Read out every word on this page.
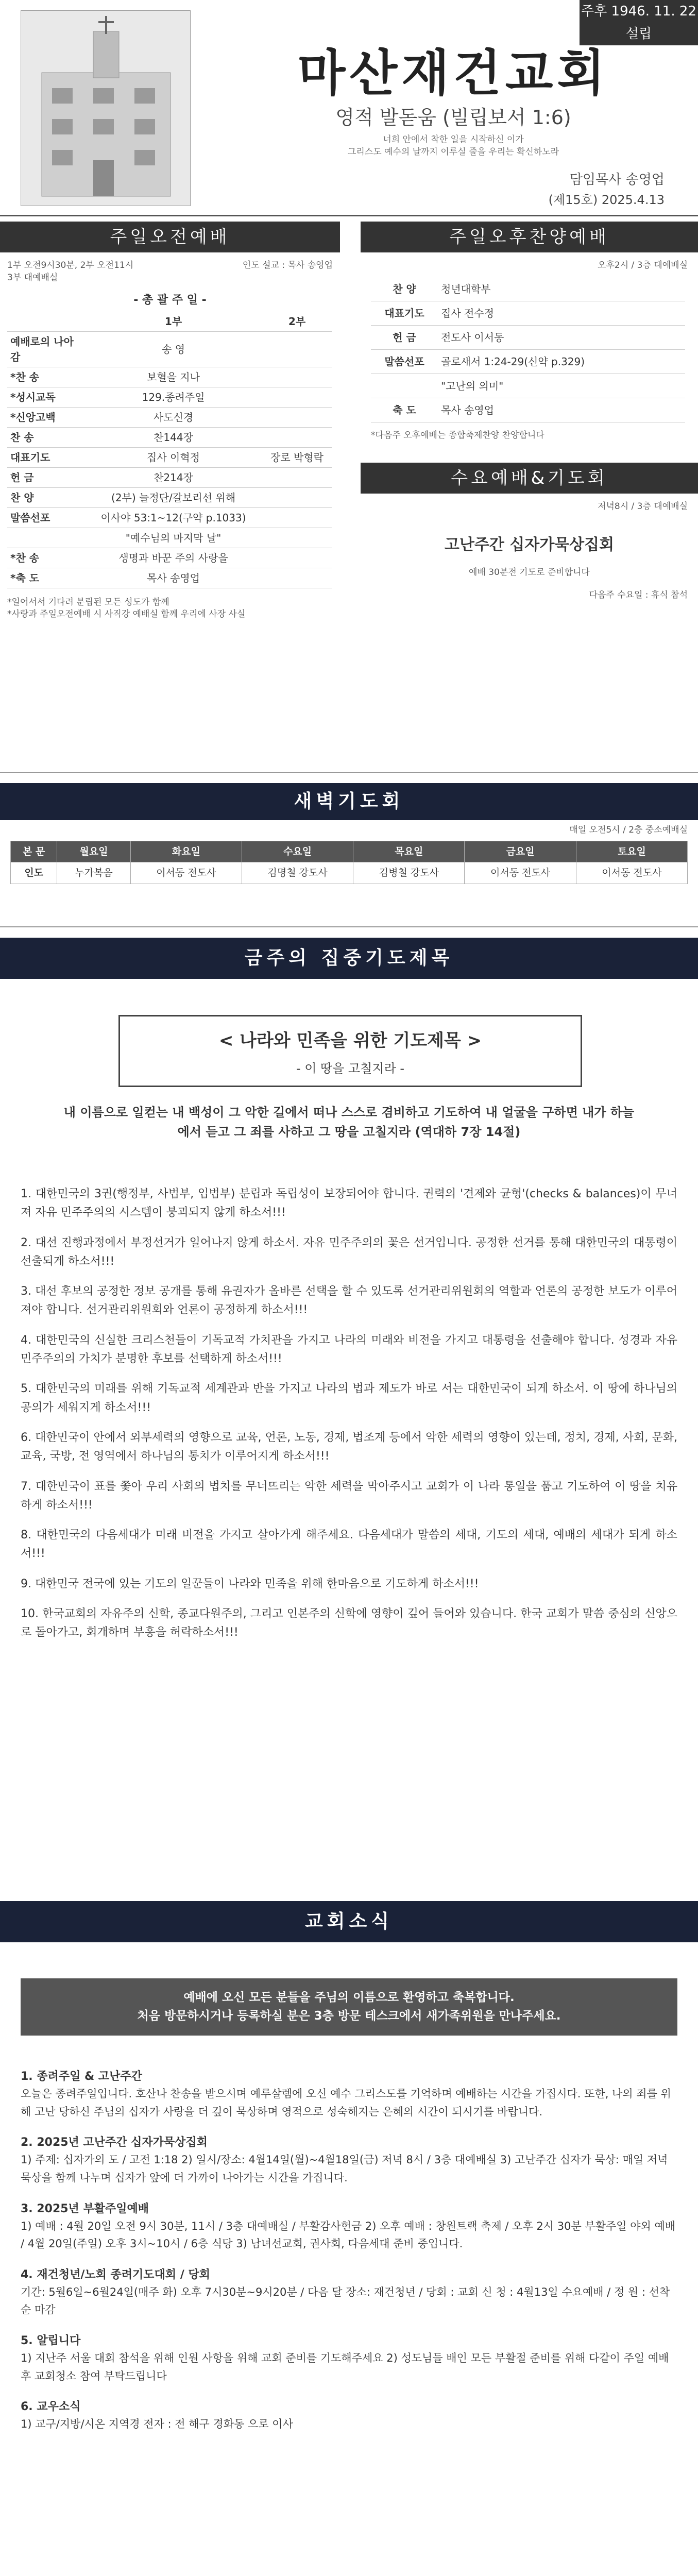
주후 1946. 11. 22 설립
마산재건교회
영적 발돋움 (빌립보서 1:6)
너희 안에서 착한 일을 시작하신 이가
그리스도 예수의 날까지 이루실 줄을 우리는 확신하노라
담임목사 송영업
(제15호) 2025.4.13
주일오전예배
1부 오전9시30분, 2부 오전11시	인도 설교 : 목사 송영업
3부 대예배실
- 총 괄 주 일 -
	1부	2부
예배로의 나아감	송 영	
*찬 송	보혈을 지나	
*성시교독	129.종려주일	
*신앙고백	사도신경	
찬 송	찬144장	
대표기도	집사 이혁정	장로 박형락
헌 금	찬214장	
찬 양	(2부) 늘정단/갈보리선 위해	
말씀선포	이사야 53:1~12(구약 p.1033)	
	"예수님의 마지막 날"	
*찬 송	생명과 바꾼 주의 사랑을	
*축 도	목사 송영업	
*일어서서 기다려 분립된 모든 성도가 함께
*사랑과 주일오전예배 시 사직강 예배실 함께 우리에 사장 사실
주일오후찬양예배
오후2시 / 3층 대예배실
찬 양	청년대학부
대표기도	집사 전수정
헌 금	전도사 이서동
말씀선포	골로새서 1:24-29(신약 p.329)
	"고난의 의미"
축 도	목사 송영업
*다음주 오후예배는 종합축제찬양 찬양합니다
수요예배&기도회
저녁8시 / 3층 대예배실
고난주간 십자가묵상집회
예배 30분전 기도로 준비합니다
다음주 수요일 : 휴식 참석
새벽기도회
매일 오전5시 / 2층 중소예배실
본 문	월요일	화요일	수요일	목요일	금요일	토요일
인도	누가복음	이서동 전도사	김명철 강도사	김병철 강도사	이서동 전도사	이서동 전도사
금주의 집중기도제목
< 나라와 민족을 위한 기도제목 >
- 이 땅을 고칠지라 -
내 이름으로 일컫는 내 백성이 그 악한 길에서 떠나 스스로 겸비하고 기도하여 내 얼굴을 구하면 내가 하늘에서 듣고 그 죄를 사하고 그 땅을 고칠지라 (역대하 7장 14절)
1. 대한민국의 3권(행정부, 사법부, 입법부) 분립과 독립성이 보장되어야 합니다. 권력의 '견제와 균형'(checks & balances)이 무너져 자유 민주주의의 시스템이 붕괴되지 않게 하소서!!!
2. 대선 진행과정에서 부정선거가 일어나지 않게 하소서. 자유 민주주의의 꽃은 선거입니다. 공정한 선거를 통해 대한민국의 대통령이 선출되게 하소서!!!
3. 대선 후보의 공정한 정보 공개를 통해 유권자가 올바른 선택을 할 수 있도록 선거관리위원회의 역할과 언론의 공정한 보도가 이루어져야 합니다. 선거관리위원회와 언론이 공정하게 하소서!!!
4. 대한민국의 신실한 크리스천들이 기독교적 가치관을 가지고 나라의 미래와 비전을 가지고 대통령을 선출해야 합니다. 성경과 자유민주주의의 가치가 분명한 후보를 선택하게 하소서!!!
5. 대한민국의 미래를 위해 기독교적 세계관과 반을 가지고 나라의 법과 제도가 바로 서는 대한민국이 되게 하소서. 이 땅에 하나님의 공의가 세워지게 하소서!!!
6. 대한민국이 안에서 외부세력의 영향으로 교육, 언론, 노동, 경제, 법조계 등에서 악한 세력의 영향이 있는데, 정치, 경제, 사회, 문화, 교육, 국방, 전 영역에서 하나님의 통치가 이루어지게 하소서!!!
7. 대한민국이 표를 쫓아 우리 사회의 법치를 무너뜨리는 악한 세력을 막아주시고 교회가 이 나라 통일을 품고 기도하여 이 땅을 치유하게 하소서!!!
8. 대한민국의 다음세대가 미래 비전을 가지고 살아가게 해주세요. 다음세대가 말씀의 세대, 기도의 세대, 예배의 세대가 되게 하소서!!!
9. 대한민국 전국에 있는 기도의 일꾼들이 나라와 민족을 위해 한마음으로 기도하게 하소서!!!
10. 한국교회의 자유주의 신학, 종교다원주의, 그리고 인본주의 신학에 영향이 깊어 들어와 있습니다. 한국 교회가 말씀 중심의 신앙으로 돌아가고, 회개하며 부흥을 허락하소서!!!
교회소식
예배에 오신 모든 분들을 주님의 이름으로 환영하고 축복합니다.
처음 방문하시거나 등록하실 분은 3층 방문 테스크에서 새가족위원을 만나주세요.
1. 종려주일 & 고난주간
오늘은 종려주일입니다. 호산나 찬송을 받으시며 예루살렘에 오신 예수 그리스도를 기억하며 예배하는 시간을 가집시다. 또한, 나의 죄를 위해 고난 당하신 주님의 십자가 사랑을 더 깊이 묵상하며 영적으로 성숙해지는 은혜의 시간이 되시기를 바랍니다.
2. 2025년 고난주간 십자가묵상집회
1) 주제: 십자가의 도 / 고전 1:18 2) 일시/장소: 4월14일(월)~4월18일(금) 저녁 8시 / 3층 대예배실 3) 고난주간 십자가 묵상: 매일 저녁 묵상을 함께 나누며 십자가 앞에 더 가까이 나아가는 시간을 가집니다.
3. 2025년 부활주일예배
1) 예배 : 4월 20일 오전 9시 30분, 11시 / 3층 대예배실 / 부활감사헌금 2) 오후 예배 : 창원트랙 축제 / 오후 2시 30분 부활주일 야외 예배 / 4월 20일(주일) 오후 3시~10시 / 6층 식당 3) 남녀선교회, 권사회, 다음세대 준비 중입니다.
4. 재건청년/노회 종려기도대회 / 당회
기간: 5월6일~6월24일(매주 화) 오후 7시30분~9시20분 / 다음 달 장소: 재건청년 / 당회 : 교회 신 청 : 4월13일 수요예배 / 정 원 : 선착순 마감
5. 알립니다
1) 지난주 서울 대회 참석을 위해 인원 사항을 위해 교회 준비를 기도해주세요 2) 성도님들 배인 모든 부활절 준비를 위해 다같이 주일 예배 후 교회청소 참여 부탁드립니다
6. 교우소식
1) 교구/지방/시온 지역경 전자 : 전 해구 경화동 으로 이사
